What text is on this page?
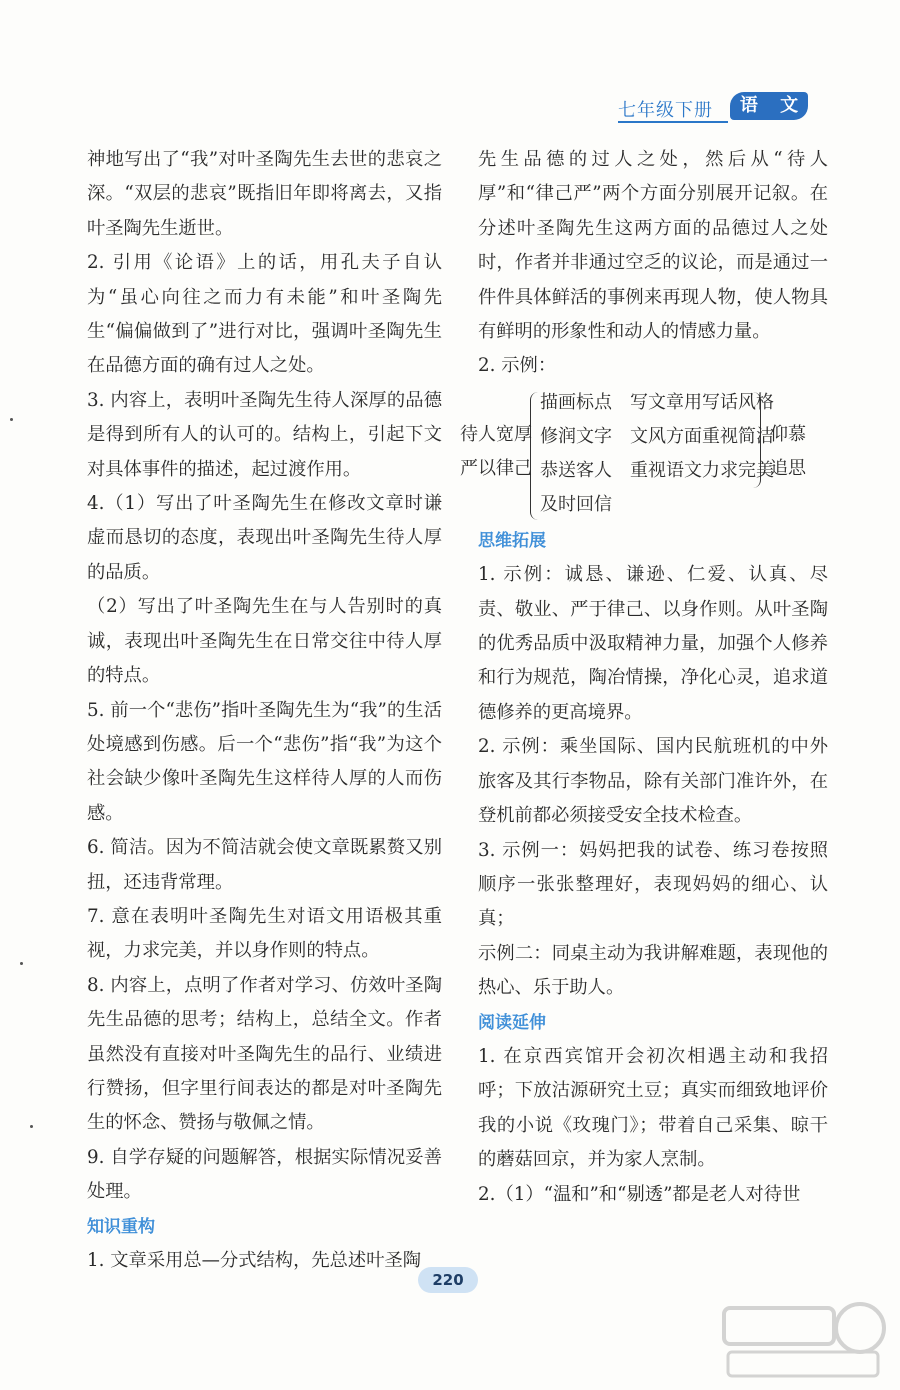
七年级下册	语 文

神地写出了“我”对叶圣陶先生去世的悲哀之深。“双层的悲哀”既指旧年即将离去，又指叶圣陶先生逝世。

2. 引用《论语》上的话，用孔夫子自认为“虽心向往之而力有未能”和叶圣陶先生“偏偏做到了”进行对比，强调叶圣陶先生在品德方面的确有过人之处。

3. 内容上，表明叶圣陶先生待人深厚的品德是得到所有人的认可的。结构上，引起下文对具体事件的描述，起过渡作用。

4.（1）写出了叶圣陶先生在修改文章时谦虚而恳切的态度，表现出叶圣陶先生待人厚的品质。

（2）写出了叶圣陶先生在与人告别时的真诚，表现出叶圣陶先生在日常交往中待人厚的特点。

5. 前一个“悲伤”指叶圣陶先生为“我”的生活处境感到伤感。后一个“悲伤”指“我”为这个社会缺少像叶圣陶先生这样待人厚的人而伤感。

6. 简洁。因为不简洁就会使文章既累赘又别扭，还违背常理。

7. 意在表明叶圣陶先生对语文用语极其重视，力求完美，并以身作则的特点。

8. 内容上，点明了作者对学习、仿效叶圣陶先生品德的思考；结构上，总结全文。作者虽然没有直接对叶圣陶先生的品行、业绩进行赞扬，但字里行间表达的都是对叶圣陶先生的怀念、赞扬与敬佩之情。

9. 自学存疑的问题解答，根据实际情况妥善处理。

知识重构

1. 文章采用总—分式结构，先总述叶圣陶

先生品德的过人之处，然后从“待人厚”和“律己严”两个方面分别展开记叙。在分述叶圣陶先生这两方面的品德过人之处时，作者并非通过空乏的议论，而是通过一件件具体鲜活的事例来再现人物，使人物具有鲜明的形象性和动人的情感力量。

2. 示例：

待人宽厚
严以律己
描画标点
修润文字
恭送客人
及时回信
写文章用写话风格
文风方面重视简洁
重视语文力求完美
仰慕
追思

思维拓展

1. 示例：诚恳、谦逊、仁爱、认真、尽责、敬业、严于律己、以身作则。从叶圣陶的优秀品质中汲取精神力量，加强个人修养和行为规范，陶冶情操，净化心灵，追求道德修养的更高境界。

2. 示例：乘坐国际、国内民航班机的中外旅客及其行李物品，除有关部门准许外，在登机前都必须接受安全技术检查。

3. 示例一：妈妈把我的试卷、练习卷按照顺序一张张整理好，表现妈妈的细心、认真；

示例二：同桌主动为我讲解难题，表现他的热心、乐于助人。

阅读延伸

1. 在京西宾馆开会初次相遇主动和我招呼；下放沽源研究土豆；真实而细致地评价我的小说《玫瑰门》；带着自己采集、晾干的蘑菇回京，并为家人烹制。

2.（1）“温和”和“剔透”都是老人对待世

220
